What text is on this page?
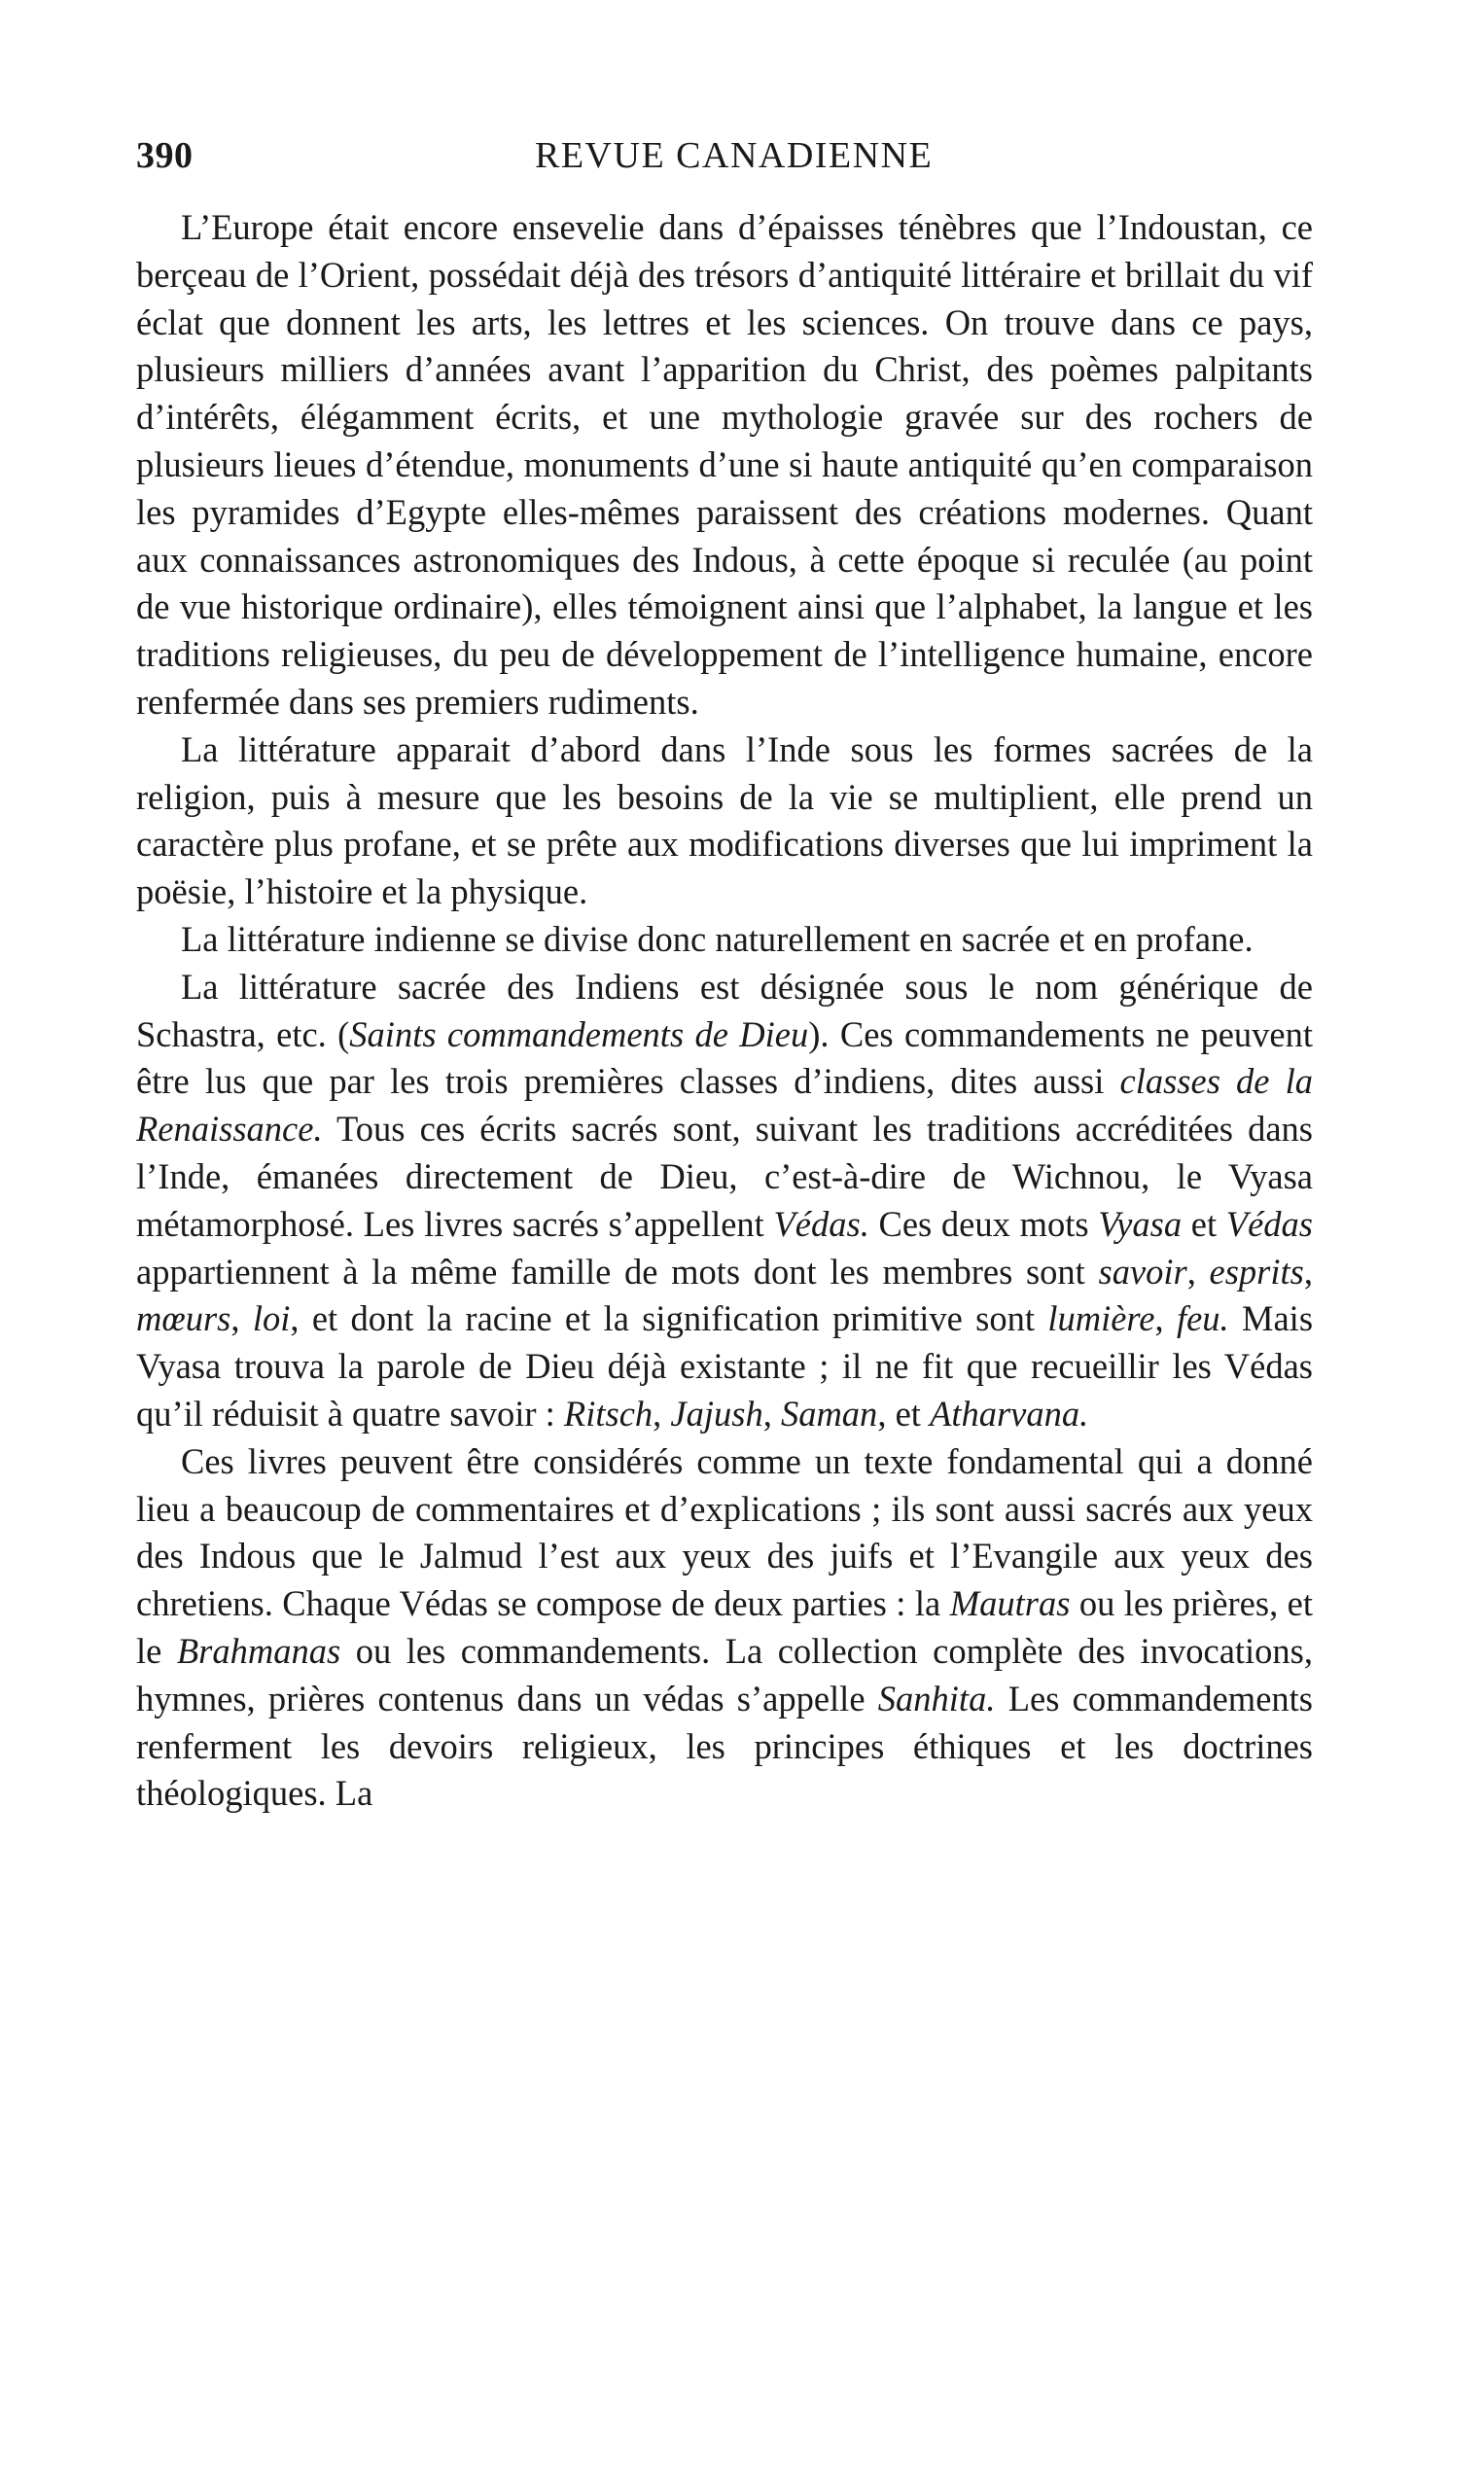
390	REVUE CANADIENNE

L’Europe était encore ensevelie dans d’épaisses ténèbres que l’Indoustan, ce berçeau de l’Orient, possédait déjà des trésors d’antiquité littéraire et brillait du vif éclat que donnent les arts, les lettres et les sciences. On trouve dans ce pays, plusieurs milliers d’années avant l’apparition du Christ, des poèmes palpitants d’intérêts, élégamment écrits, et une mythologie gravée sur des rochers de plusieurs lieues d’étendue, monuments d’une si haute antiquité qu’en comparaison les pyramides d’Egypte elles-mêmes paraissent des créations modernes. Quant aux connaissances astronomiques des Indous, à cette époque si reculée (au point de vue historique ordinaire), elles témoignent ainsi que l’alphabet, la langue et les traditions religieuses, du peu de développement de l’intelligence humaine, encore renfermée dans ses premiers rudiments.

La littérature apparait d’abord dans l’Inde sous les formes sacrées de la religion, puis à mesure que les besoins de la vie se multiplient, elle prend un caractère plus profane, et se prête aux modifications diverses que lui impriment la poësie, l’histoire et la physique.

La littérature indienne se divise donc naturellement en sacrée et en profane.

La littérature sacrée des Indiens est désignée sous le nom générique de Schastra, etc. (Saints commandements de Dieu). Ces commandements ne peuvent être lus que par les trois premières classes d’indiens, dites aussi classes de la Renaissance. Tous ces écrits sacrés sont, suivant les traditions accréditées dans l’Inde, émanées directement de Dieu, c’est-à-dire de Wichnou, le Vyasa métamorphosé. Les livres sacrés s’appellent Védas. Ces deux mots Vyasa et Védas appartiennent à la même famille de mots dont les membres sont savoir, esprits, mœurs, loi, et dont la racine et la signification primitive sont lumière, feu. Mais Vyasa trouva la parole de Dieu déjà existante ; il ne fit que recueillir les Védas qu’il réduisit à quatre savoir : Ritsch, Jajush, Saman, et Atharvana.

Ces livres peuvent être considérés comme un texte fondamental qui a donné lieu a beaucoup de commentaires et d’explications ; ils sont aussi sacrés aux yeux des Indous que le Jalmud l’est aux yeux des juifs et l’Evangile aux yeux des chretiens. Chaque Védas se compose de deux parties : la Mautras ou les prières, et le Brahmanas ou les commandements. La collection complète des invocations, hymnes, prières contenus dans un védas s’appelle Sanhita. Les commandements renferment les devoirs religieux, les principes éthiques et les doctrines théologiques. La
